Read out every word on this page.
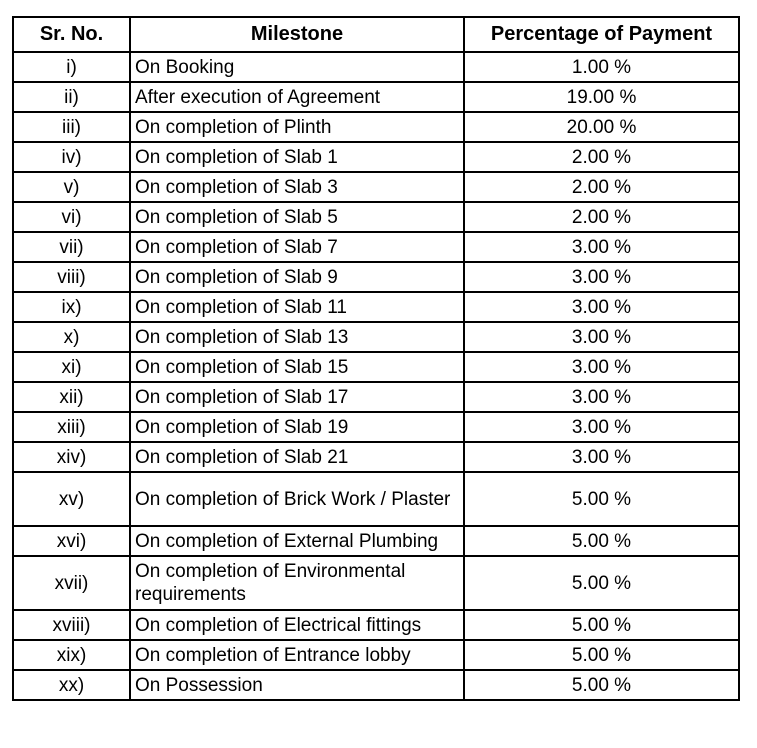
Sr. No.	Milestone	Percentage of Payment
i)	On Booking	1.00 %
ii)	After execution of Agreement	19.00 %
iii)	On completion of Plinth	20.00 %
iv)	On completion of Slab 1	2.00 %
v)	On completion of Slab 3	2.00 %
vi)	On completion of Slab 5	2.00 %
vii)	On completion of Slab 7	3.00 %
viii)	On completion of Slab 9	3.00 %
ix)	On completion of Slab 11	3.00 %
x)	On completion of Slab 13	3.00 %
xi)	On completion of Slab 15	3.00 %
xii)	On completion of Slab 17	3.00 %
xiii)	On completion of Slab 19	3.00 %
xiv)	On completion of Slab 21	3.00 %
xv)	On completion of Brick Work / Plaster	5.00 %
xvi)	On completion of External Plumbing	5.00 %
xvii)	On completion of Environmental requirements	5.00 %
xviii)	On completion of Electrical fittings	5.00 %
xix)	On completion of Entrance lobby	5.00 %
xx)	On Possession	5.00 %
